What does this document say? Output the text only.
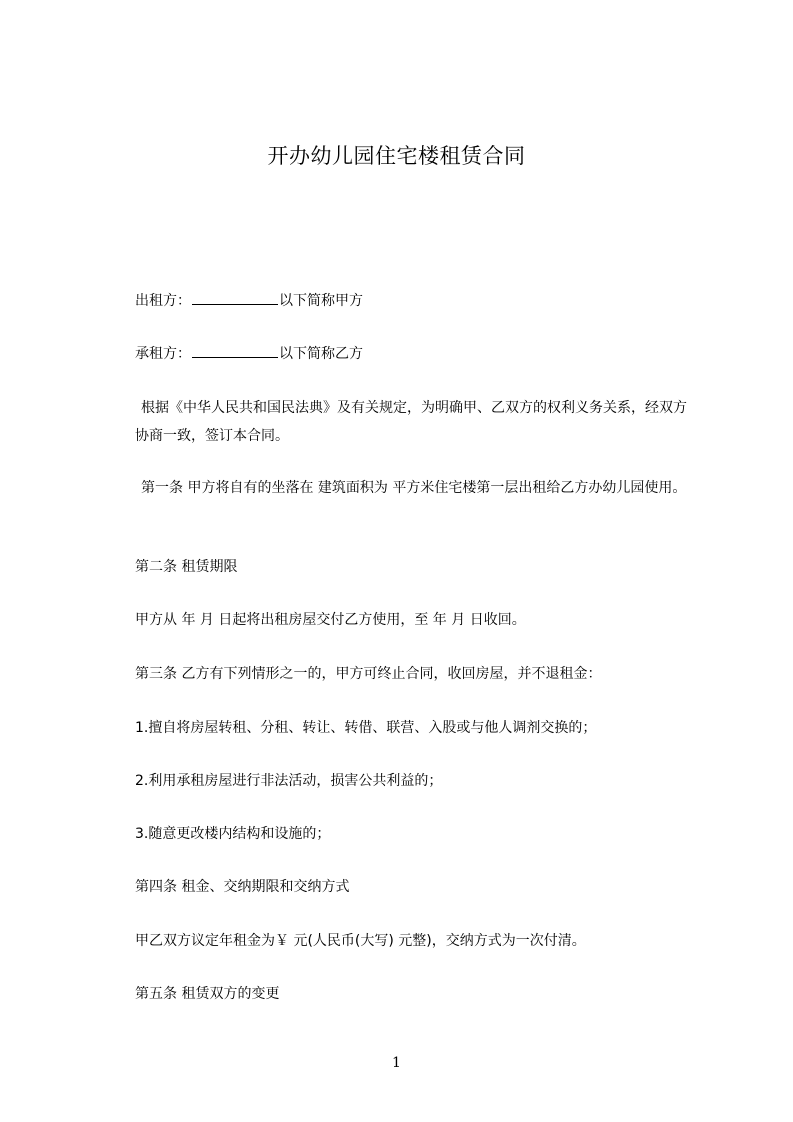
开办幼儿园住宅楼租赁合同
出租方：	以下简称甲方
承租方：	以下简称乙方
根据《中华人民共和国民法典》及有关规定，为明确甲、乙双方的权利义务关系，经双方协商一致，签订本合同。
第一条 甲方将自有的坐落在 建筑面积为 平方米住宅楼第一层出租给乙方办幼儿园使用。
第二条 租赁期限
甲方从 年 月 日起将出租房屋交付乙方使用，至 年 月 日收回。
第三条 乙方有下列情形之一的，甲方可终止合同，收回房屋，并不退租金：
1.擅自将房屋转租、分租、转让、转借、联营、入股或与他人调剂交换的；
2.利用承租房屋进行非法活动，损害公共利益的；
3.随意更改楼内结构和设施的；
第四条 租金、交纳期限和交纳方式
甲乙双方议定年租金为￥ 元(人民币(大写) 元整)，交纳方式为一次付清。
第五条 租赁双方的变更
1
